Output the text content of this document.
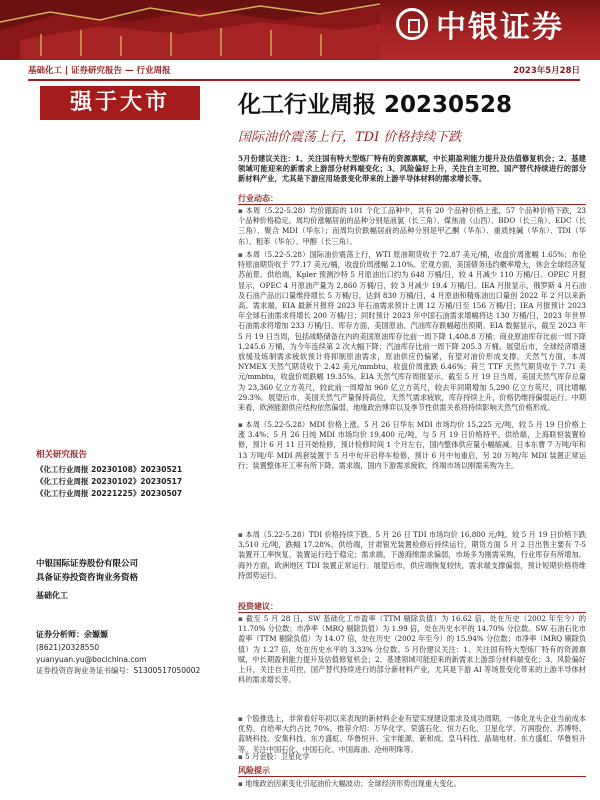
中银证券
基础化工 | 证券研究报告 — 行业周报	2023年5月28日
强于大市	化工行业周报 20230528
国际油价震荡上行，TDI 价格持续下跌
5月份建议关注：1、关注国有特大型炼厂特有的资源禀赋，中长期盈利能力提升及估值修复机会；2、基建领域可能迎来的新需求上游部分材料端变化；3、风险偏好上升，关注自主可控、国产替代持续进行的部分新材料产业，尤其是下游应用场景变化带来的上游半导体材料的需求增长等。
行业动态：
▪ 本周（5.22-5.28）均价跟踪的 101 个化工品种中，共有 20 个品种价格上涨，57 个品种价格下跌，23 个品种价格稳定。周均价涨幅居前的品种分别是液氯（长三角）、煤焦油（山西）、BDO（长三角）、EDC（长三角）、聚合 MDI（华东）；而周均价跌幅居前的品种分别是甲乙酮（华东）、重质纯碱（华东）、TDI（华东）、粗苯（华东）、甲醇（长三角）。
▪ 本周（5.22-5.28）国际油价震荡上行，WTI 原油期货收于 72.87 美元/桶，收盘价周涨幅 1.65%；布伦特原油期货收于 77.17 美元/桶，收盘价周涨幅 2.10%。宏观方面，美国债务违约概率增大，休会全球经济复苏前景。供给端，Kpler 预测沙特 5 月原油出口约为 648 万桶/日，较 4 月减少 110 万桶/日。OPEC 月报显示，OPEC 4 月原油产量为 2,860 万桶/日，较 3 月减少 19.4 万桶/日。IEA 月报显示，俄罗斯 4 月石油及石油产品出口量维持增长 5 万桶/日，达到 830 万桶/日，4 月原油和精炼油出口量创 2022 年 2 月以来新高。需求端，EIA 最新月报将 2023 年石油需求预计上调 12 万桶/日至 156 万桶/日；IEA 月报预计 2023 年全球石油需求将增长 200 万桶/日；同时预计 2023 年中国石油需求增幅将达 130 万桶/日，2023 年世界石油需求将增加 233 万桶/日。库存方面，美国原油、汽油库存跌幅超出预期。EIA 数据显示，截至 2023 年 5 月 19 日当周，包括战略储备在内的美国原油库存比前一周下降 1,408.8 万桶；商业原油库存比前一周下降 1,245.6 万桶，为今年连续第 2 次大幅下降；汽油库存比前一周下降 205.3 万桶。展望后市，全球经济增速放缓及炼制需求疲软预计将抑制原油需求，原油供应仍偏紧，有望对油价形成支撑。天然气方面，本周 NYMEX 天然气期货收于 2.42 美元/mmbtu，收盘价周涨跌 6.46%；荷兰 TTF 天然气期货收于 7.71 美元/mmbtu，收盘价周跌幅 19.35%。EIA 天然气库存周报显示，截至 5 月 19 日当周，美国天然气库存总量为 23,360 亿立方英尺，较此前一周增加 960 亿立方英尺，较去年同期增加 5,290 亿立方英尺，同比增幅 29.3%。展望后市，美国天然气产量保持高位，天然气需求疲软，库存持续上升，价格仍维持偏弱运行。中期来看，欧洲能源供应结构依然偏弱，地缘政治博弈以及季节性供需关系将持续影响天然气价格形成。
▪ 本周（5.22-5.28）MDI 价格上涨。5 月 26 日华东 MDI 市场均价 15,225 元/吨，较 5 月 19 日价格上涨 3.4%；5 月 26 日纯 MDI 市场均价 19,400 元/吨，与 5 月 19 日价格持平。供给端，上海联恒装置检修，预计 6 月 11 日开始检修，预计检修时间 1 个月左右，国内整体供应量小幅缩减。日本东曹 7 万吨/年和 13 万吨/年 MDI 两套装置于 5 月中旬开启停车检修，预计 6 月中旬重启，另 20 万吨/年 MDI 装置正常运行；装置整体开工率有所下降。需求端，国内下游需求疲软，终端市场以刚需采购为主。
▪ 本周（5.22-5.28）TDI 价格持续下跌。5 月 26 日 TDI 市场均价 16,800 元/吨，较 5 月 19 日价格下跌 3,510 元/吨，跌幅 17.28%。供给端，甘肃银光装置检修后持续运行，期货方面 5 月 2 日出售主要有 7-5 装置开工率恢复，装置运行趋于稳定；需求端，下游海绵需求偏弱，市场多为刚需采购，行业库存有所增加。海外方面，欧洲地区 TDI 装置正常运行。展望后市，供应端恢复较快，需求端支撑偏弱，预计短期价格将维持弱势运行。
投资建议：
▪ 截至 5 月 28 日，SW 基础化工市盈率（TTM 剔除负值）为 16.62 倍，处在历史（2002 年至今）的 11.70% 分位数；市净率（MRQ 剔除负值）为 1.99 倍，处在历史水平的 14.70% 分位数。SW 石油石化市盈率（TTM 剔除负值）为 14.07 倍，处在历史（2002 年至今）的 15.94% 分位数；市净率（MRQ 剔除负值）为 1.27 倍，处在历史水平的 3.33% 分位数。5 月份建议关注：1、关注国有特大型炼厂特有的资源禀赋，中长期盈利能力提升及估值修复机会；2、基建领域可能迎来的新需求上游部分材料端变化；3、风险偏好上升，关注自主可控，国产替代持续进行的部分新材料产业，尤其是下游 AI 等场景变化带来的上游半导体材料的需求增长等。
▪ 个股推选上，非常看好年初以来表现的新材料企业有望实现建设需求及成功周期，一体化龙头企业当前成本优势、自给率大约占比 70%，推荐介绍：万华化学、荣盛石化、恒力石化、卫星化学、万润股份、苏博特、蓝晓科技、安集科技、东方盛虹、华鲁恒升、宝丰能源、新和成、皇马科技、晶瑞电材、东方盛虹、华鲁恒升等。关注中国石化、中国石化、中国海油、沧州明珠等。
▪ 5 月金股：卫星化学
风险提示
▪ 地缘政治因素变化引起油价大幅波动；全球经济形势出现重大变化。
相关研究报告
《化工行业周报 20230108》20230521
《化工行业周报 20230102》20230517
《化工行业周报 20221225》20230507
中银国际证券股份有限公司
具备证券投资咨询业务资格
基础化工
证券分析师：余嫄嫄
(8621)20328550
yuanyuan.yu@bocichina.com
证券投资咨询业务证书编号：S1300517050002
